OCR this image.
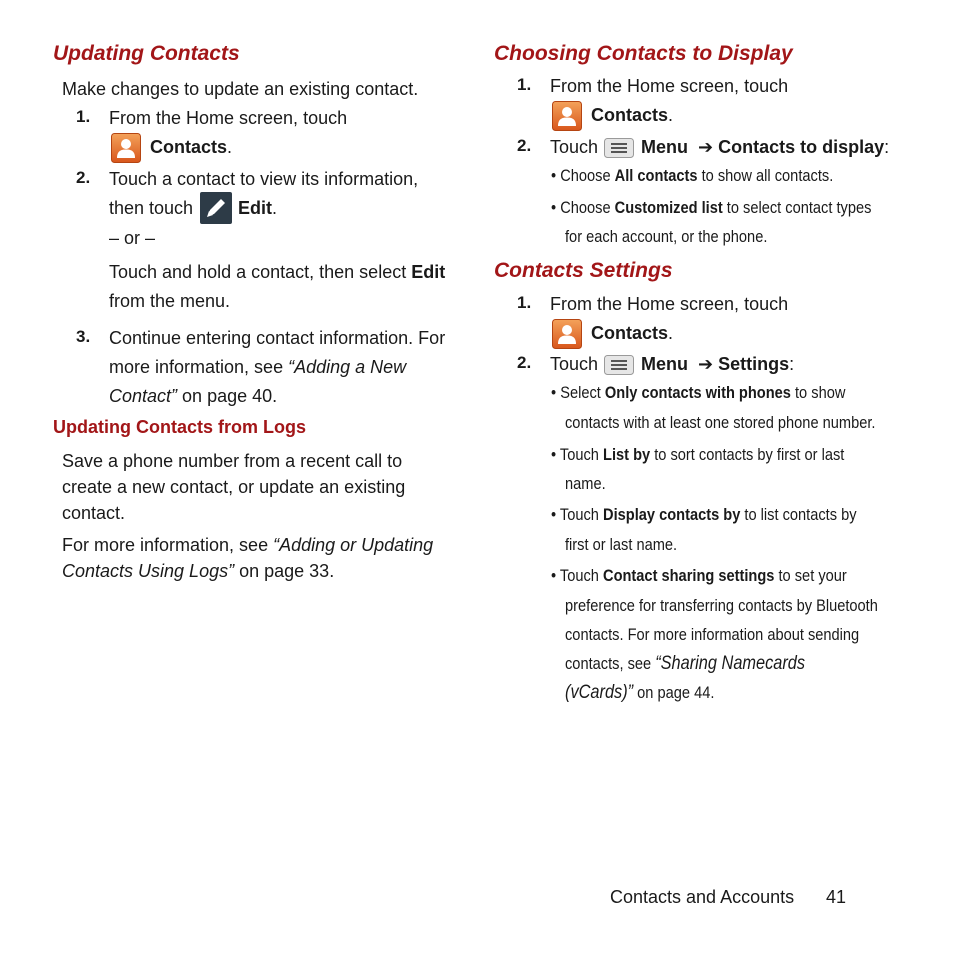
Updating Contacts
Make changes to update an existing contact.
1. From the Home screen, touch
Contacts.
2. Touch a contact to view its information,
then touch Edit.
– or –
Touch and hold a contact, then select Edit
from the menu.
3. Continue entering contact information. For
more information, see “Adding a New
Contact” on page 40.
Updating Contacts from Logs
Save a phone number from a recent call to
create a new contact, or update an existing
contact.
For more information, see “Adding or Updating
Contacts Using Logs” on page 33.
Choosing Contacts to Display
1. From the Home screen, touch
Contacts.
2. Touch Menu ➔ Contacts to display:
• Choose All contacts to show all contacts.
• Choose Customized list to select contact types
for each account, or the phone.
Contacts Settings
1. From the Home screen, touch
Contacts.
2. Touch Menu ➔ Settings:
• Select Only contacts with phones to show
contacts with at least one stored phone number.
• Touch List by to sort contacts by first or last
name.
• Touch Display contacts by to list contacts by
first or last name.
• Touch Contact sharing settings to set your
preference for transferring contacts by Bluetooth
contacts. For more information about sending
contacts, see “Sharing Namecards
(vCards)” on page 44.
Contacts and Accounts 41
